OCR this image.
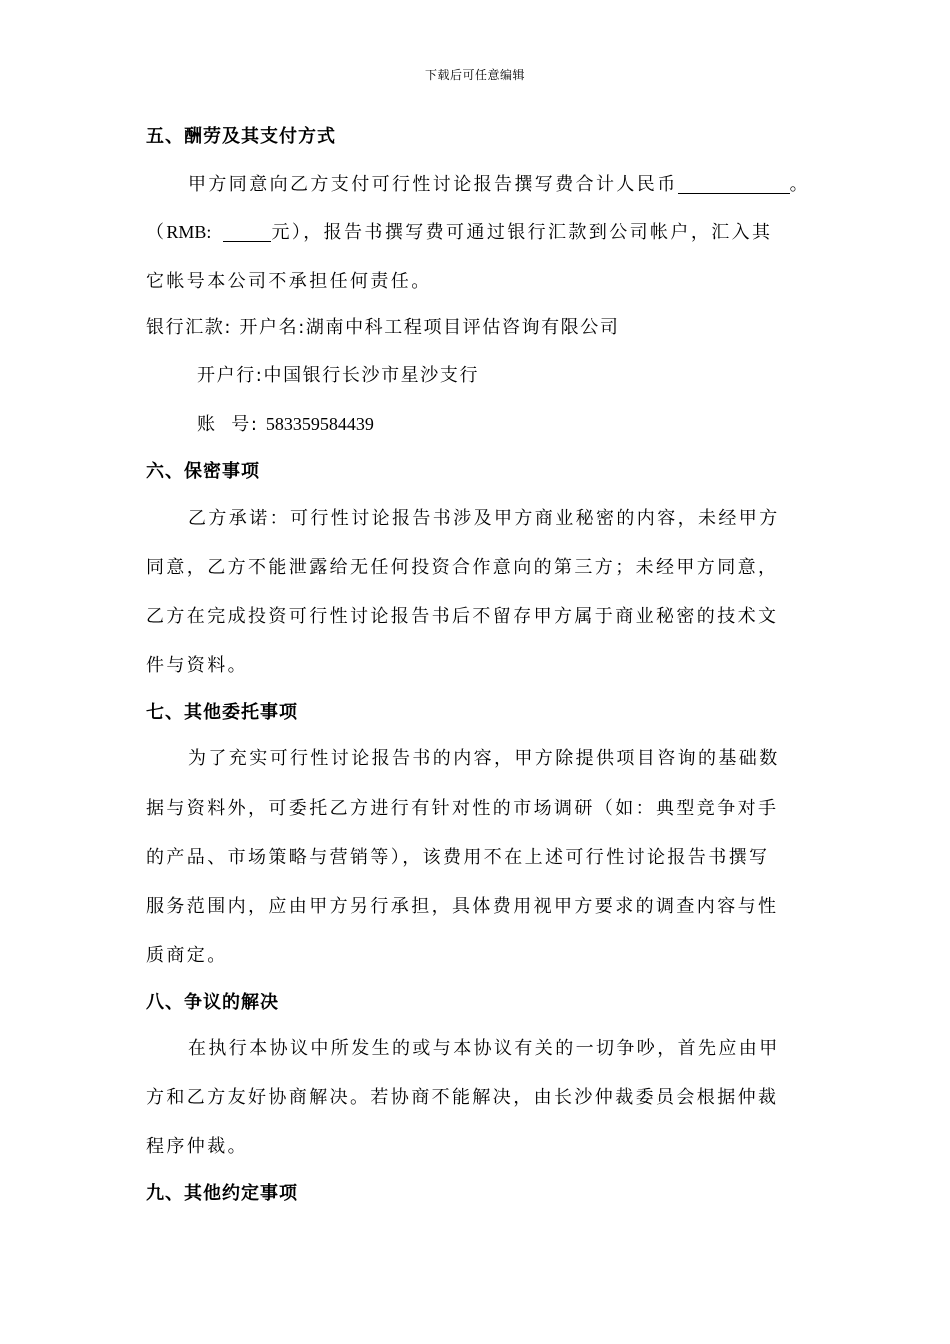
下载后可任意编辑
五、酬劳及其支付方式
甲方同意向乙方支付可行性讨论报告撰写费合计人民币	。
（RMB:	元），报告书撰写费可通过银行汇款到公司帐户，汇入其
它帐号本公司不承担任何责任。
银行汇款: 开户名:湖南中科工程项目评估咨询有限公司
开户行:中国银行长沙市星沙支行
账  号: 583359584439
六、保密事项
乙方承诺：可行性讨论报告书涉及甲方商业秘密的内容，未经甲方
同意，乙方不能泄露给无任何投资合作意向的第三方；未经甲方同意，
乙方在完成投资可行性讨论报告书后不留存甲方属于商业秘密的技术文
件与资料。
七、其他委托事项
为了充实可行性讨论报告书的内容，甲方除提供项目咨询的基础数
据与资料外，可委托乙方进行有针对性的市场调研（如：典型竞争对手
的产品、市场策略与营销等），该费用不在上述可行性讨论报告书撰写
服务范围内，应由甲方另行承担，具体费用视甲方要求的调查内容与性
质商定。
八、争议的解决
在执行本协议中所发生的或与本协议有关的一切争吵，首先应由甲
方和乙方友好协商解决。若协商不能解决，由长沙仲裁委员会根据仲裁
程序仲裁。
九、其他约定事项
